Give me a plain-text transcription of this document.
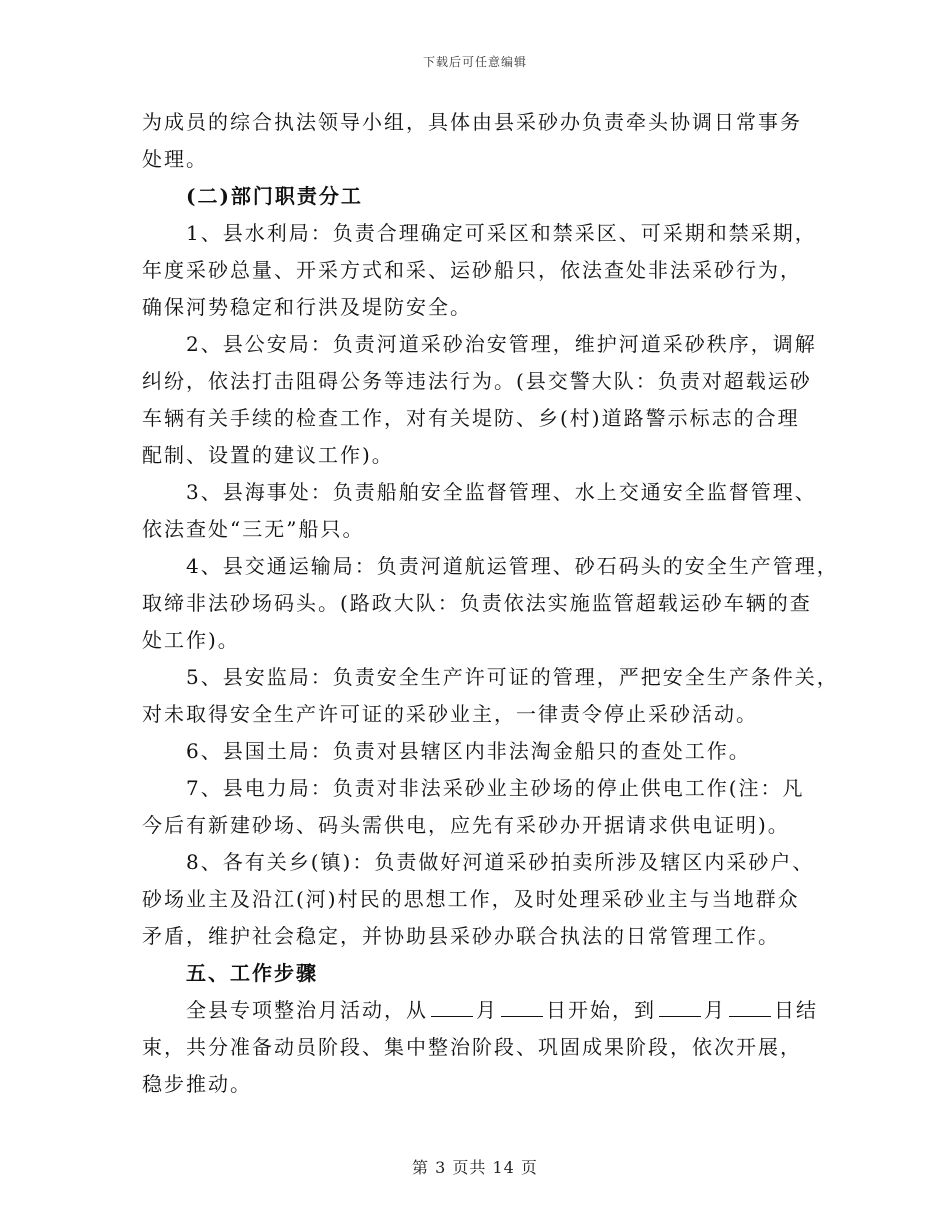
下载后可任意编辑
为成员的综合执法领导小组，具体由县采砂办负责牵头协调日常事务
处理。
(二)部门职责分工
1、县水利局：负责合理确定可采区和禁采区、可采期和禁采期，
年度采砂总量、开采方式和采、运砂船只，依法查处非法采砂行为，
确保河势稳定和行洪及堤防安全。
2、县公安局：负责河道采砂治安管理，维护河道采砂秩序，调解
纠纷，依法打击阻碍公务等违法行为。(县交警大队：负责对超载运砂
车辆有关手续的检查工作，对有关堤防、乡(村)道路警示标志的合理
配制、设置的建议工作)。
3、县海事处：负责船舶安全监督管理、水上交通安全监督管理、
依法查处“三无”船只。
4、县交通运输局：负责河道航运管理、砂石码头的安全生产管理，
取缔非法砂场码头。(路政大队：负责依法实施监管超载运砂车辆的查
处工作)。
5、县安监局：负责安全生产许可证的管理，严把安全生产条件关，
对未取得安全生产许可证的采砂业主，一律责令停止采砂活动。
6、县国土局：负责对县辖区内非法淘金船只的查处工作。
7、县电力局：负责对非法采砂业主砂场的停止供电工作(注：凡
今后有新建砂场、码头需供电，应先有采砂办开据请求供电证明)。
8、各有关乡(镇)：负责做好河道采砂拍卖所涉及辖区内采砂户、
砂场业主及沿江(河)村民的思想工作，及时处理采砂业主与当地群众
矛盾，维护社会稳定，并协助县采砂办联合执法的日常管理工作。
五、工作步骤
全县专项整治月活动，从 月 日开始，到 月 日结
束，共分准备动员阶段、集中整治阶段、巩固成果阶段，依次开展，
稳步推动。
第 3 页共 14 页
